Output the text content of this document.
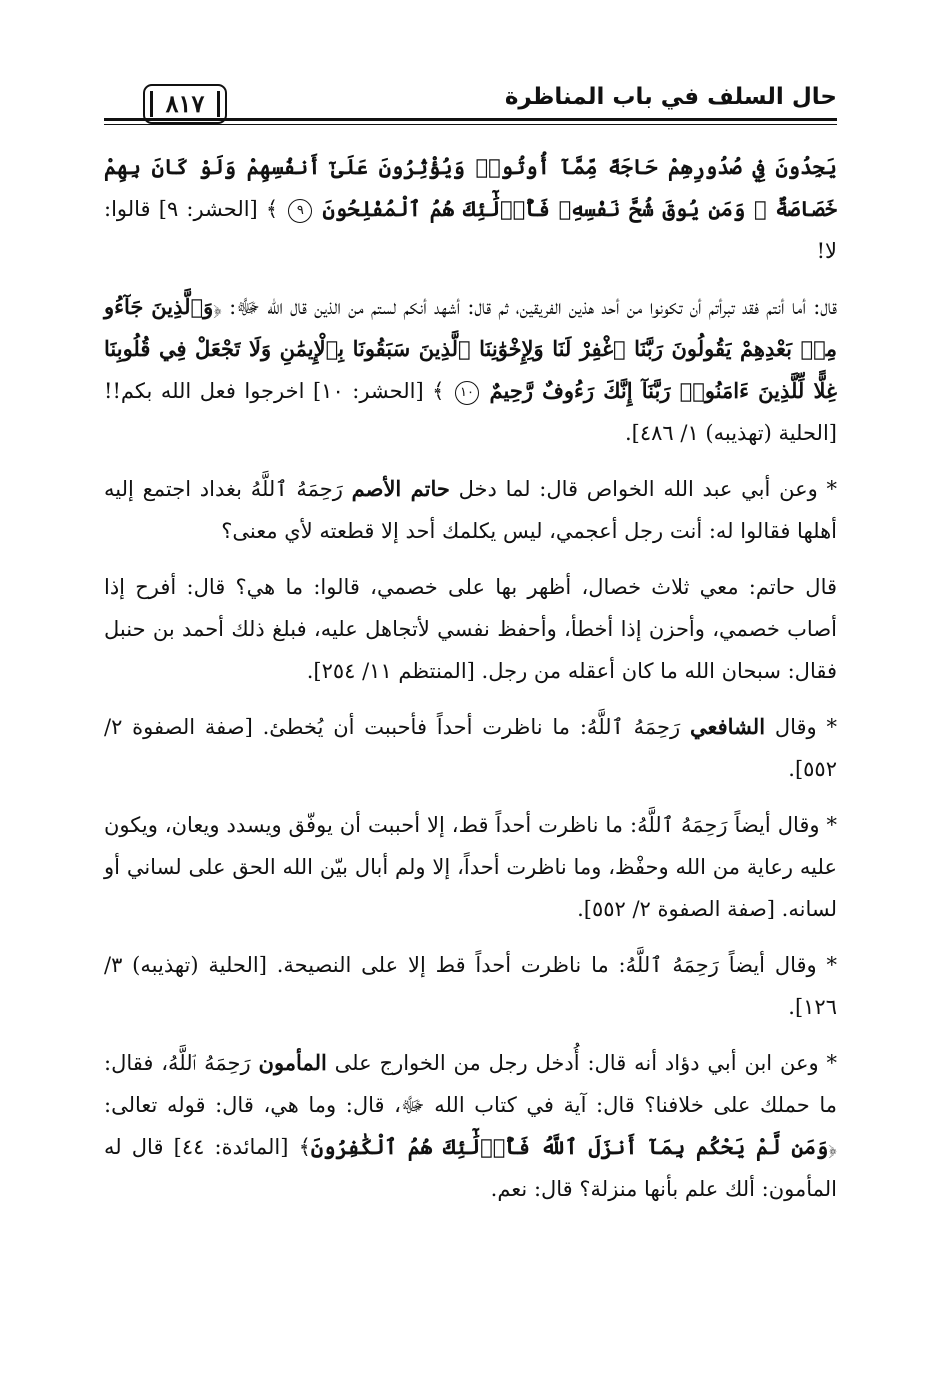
حال السلف في باب المناظرة
٨١٧

يَجِدُونَ فِي صُدُورِهِمْ حَاجَةً مِّمَّآ أُوتُوا۟ وَيُؤْثِرُونَ عَلَىٰٓ أَنفُسِهِمْ وَلَوْ كَانَ بِهِمْ خَصَاصَةٌ ۚ وَمَن يُوقَ شُحَّ نَفْسِهِۦ فَأُو۟لَٰٓئِكَ هُمُ ٱلْمُفْلِحُونَ ٩ ﴾ [الحشر: ٩] قالوا: لا!

قال: أما أنتم فقد تبرأتم أن تكونوا من أحد هذين الفريقين، ثم قال: أشهد أنكم لستم من الذين قال الله ﷻ: ﴿وَٱلَّذِينَ جَآءُو مِنۢ بَعْدِهِمْ يَقُولُونَ رَبَّنَا ٱغْفِرْ لَنَا وَلِإِخْوَٰنِنَا ٱلَّذِينَ سَبَقُونَا بِٱلْإِيمَٰنِ وَلَا تَجْعَلْ فِي قُلُوبِنَا غِلًّا لِّلَّذِينَ ءَامَنُوا۟ رَبَّنَآ إِنَّكَ رَءُوفٌ رَّحِيمٌ ١٠ ﴾ [الحشر: ١٠] اخرجوا فعل الله بكم!! [الحلية (تهذيبه) ١/ ٤٨٦].

* وعن أبي عبد الله الخواص قال: لما دخل حاتم الأصم رَحِمَهُ ٱللَّهُ بغداد اجتمع إليه أهلها فقالوا له: أنت رجل أعجمي، ليس يكلمك أحد إلا قطعته لأي معنى؟

قال حاتم: معي ثلاث خصال، أظهر بها على خصمي، قالوا: ما هي؟ قال: أفرح إذا أصاب خصمي، وأحزن إذا أخطأ، وأحفظ نفسي لأتجاهل عليه، فبلغ ذلك أحمد بن حنبل فقال: سبحان الله ما كان أعقله من رجل. [المنتظم ١١/ ٢٥٤].

* وقال الشافعي رَحِمَهُ ٱللَّهُ: ما ناظرت أحداً فأحببت أن يُخطئ. [صفة الصفوة ٢/ ٥٥٢].

* وقال أيضاً رَحِمَهُ ٱللَّهُ: ما ناظرت أحداً قط، إلا أحببت أن يوفّق ويسدد ويعان، ويكون عليه رعاية من الله وحفْظ، وما ناظرت أحداً، إلا ولم أبال بيّن الله الحق على لساني أو لسانه. [صفة الصفوة ٢/ ٥٥٢].

* وقال أيضاً رَحِمَهُ ٱللَّهُ: ما ناظرت أحداً قط إلا على النصيحة. [الحلية (تهذيبه) ٣/ ١٢٦].

* وعن ابن أبي دؤاد أنه قال: أُدخل رجل من الخوارج على المأمون رَحِمَهُ ٱللَّهُ، فقال: ما حملك على خلافنا؟ قال: آية في كتاب الله ﷻ، قال: وما هي، قال: قوله تعالى: ﴿وَمَن لَّمْ يَحْكُم بِمَآ أَنزَلَ ٱللَّهُ فَأُو۟لَٰٓئِكَ هُمُ ٱلْكَٰفِرُونَ﴾ [المائدة: ٤٤] قال له المأمون: ألك علم بأنها منزلة؟ قال: نعم.
